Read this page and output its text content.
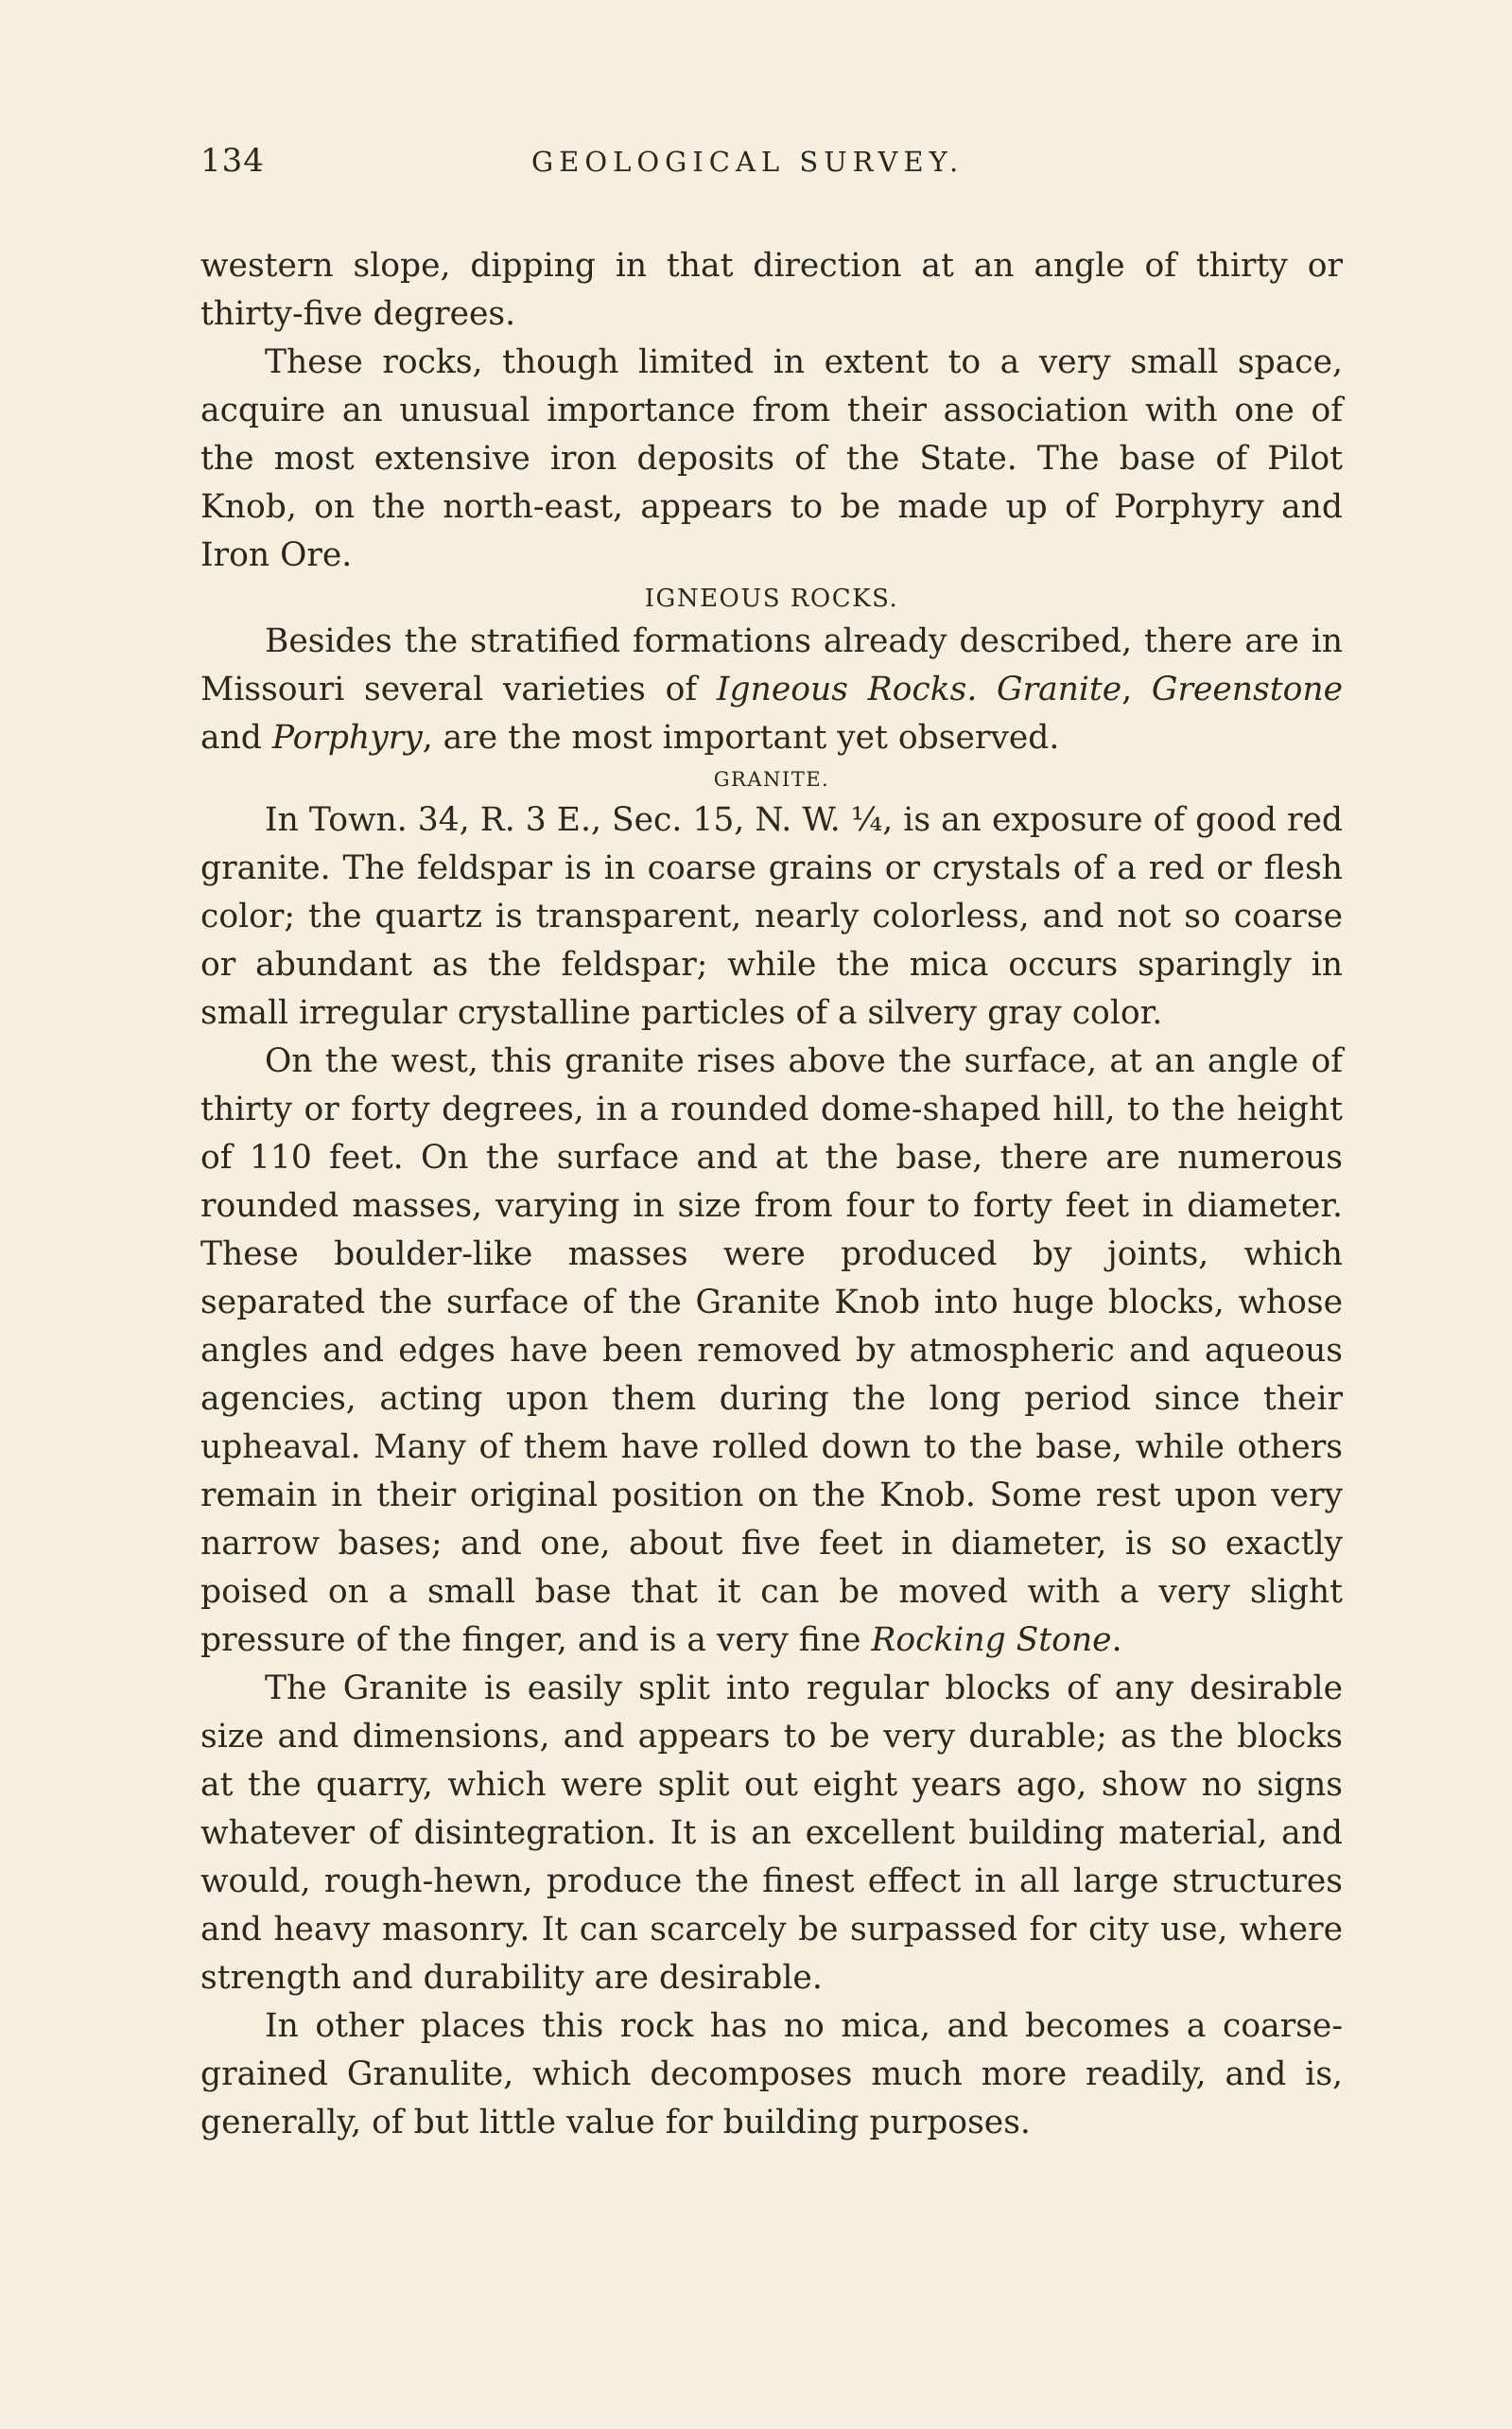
134	GEOLOGICAL SURVEY.

western slope, dipping in that direction at an angle of thirty or thirty-five degrees.

These rocks, though limited in extent to a very small space, acquire an unusual importance from their association with one of the most extensive iron deposits of the State. The base of Pilot Knob, on the north-east, appears to be made up of Porphyry and Iron Ore.

IGNEOUS ROCKS.

Besides the stratified formations already described, there are in Missouri several varieties of Igneous Rocks. Granite, Greenstone and Porphyry, are the most important yet observed.

GRANITE.

In Town. 34, R. 3 E., Sec. 15, N. W. ¼, is an exposure of good red granite. The feldspar is in coarse grains or crystals of a red or flesh color; the quartz is transparent, nearly colorless, and not so coarse or abundant as the feldspar; while the mica occurs sparingly in small irregular crystalline particles of a silvery gray color.

On the west, this granite rises above the surface, at an angle of thirty or forty degrees, in a rounded dome-shaped hill, to the height of 110 feet. On the surface and at the base, there are numerous rounded masses, varying in size from four to forty feet in diameter. These boulder-like masses were produced by joints, which separated the surface of the Granite Knob into huge blocks, whose angles and edges have been removed by atmospheric and aqueous agencies, acting upon them during the long period since their upheaval. Many of them have rolled down to the base, while others remain in their original position on the Knob. Some rest upon very narrow bases; and one, about five feet in diameter, is so exactly poised on a small base that it can be moved with a very slight pressure of the finger, and is a very fine Rocking Stone.

The Granite is easily split into regular blocks of any desirable size and dimensions, and appears to be very durable; as the blocks at the quarry, which were split out eight years ago, show no signs whatever of disintegration. It is an excellent building material, and would, rough-hewn, produce the finest effect in all large structures and heavy masonry. It can scarcely be surpassed for city use, where strength and durability are desirable.

In other places this rock has no mica, and becomes a coarse-grained Granulite, which decomposes much more readily, and is, generally, of but little value for building purposes.
